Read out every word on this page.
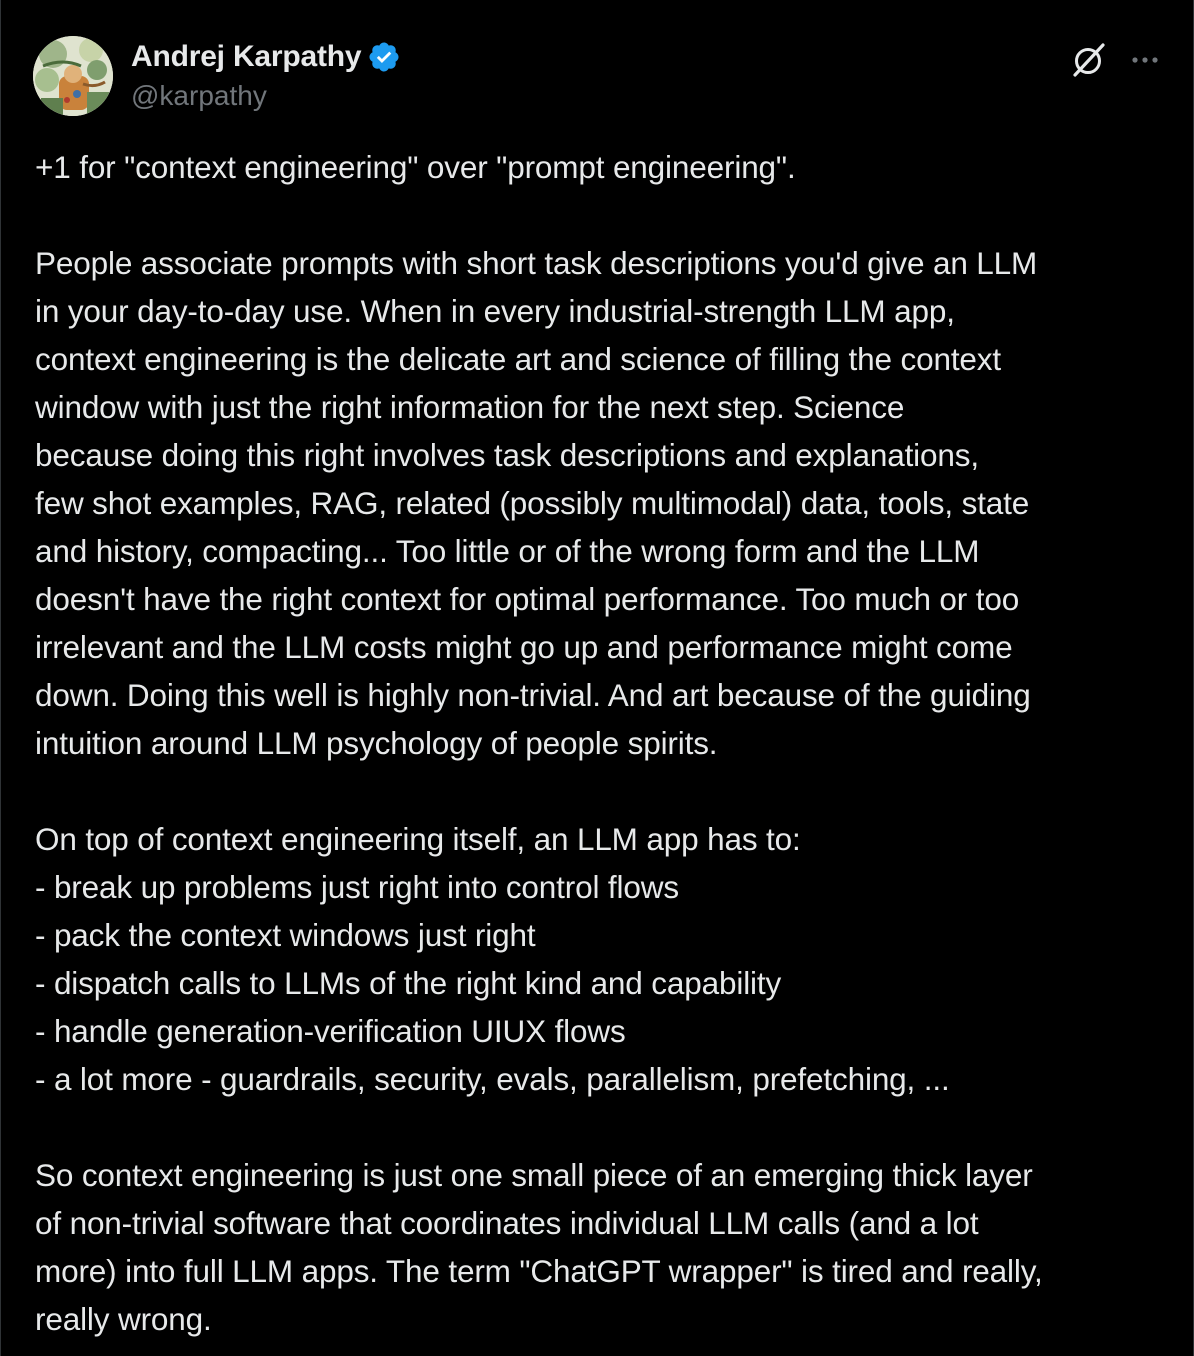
Andrej Karpathy
@karpathy

+1 for "context engineering" over "prompt engineering".

People associate prompts with short task descriptions you'd give an LLM
in your day-to-day use. When in every industrial-strength LLM app,
context engineering is the delicate art and science of filling the context
window with just the right information for the next step. Science
because doing this right involves task descriptions and explanations,
few shot examples, RAG, related (possibly multimodal) data, tools, state
and history, compacting... Too little or of the wrong form and the LLM
doesn't have the right context for optimal performance. Too much or too
irrelevant and the LLM costs might go up and performance might come
down. Doing this well is highly non-trivial. And art because of the guiding
intuition around LLM psychology of people spirits.

On top of context engineering itself, an LLM app has to:
- break up problems just right into control flows
- pack the context windows just right
- dispatch calls to LLMs of the right kind and capability
- handle generation-verification UIUX flows
- a lot more - guardrails, security, evals, parallelism, prefetching, ...

So context engineering is just one small piece of an emerging thick layer
of non-trivial software that coordinates individual LLM calls (and a lot
more) into full LLM apps. The term "ChatGPT wrapper" is tired and really,
really wrong.
